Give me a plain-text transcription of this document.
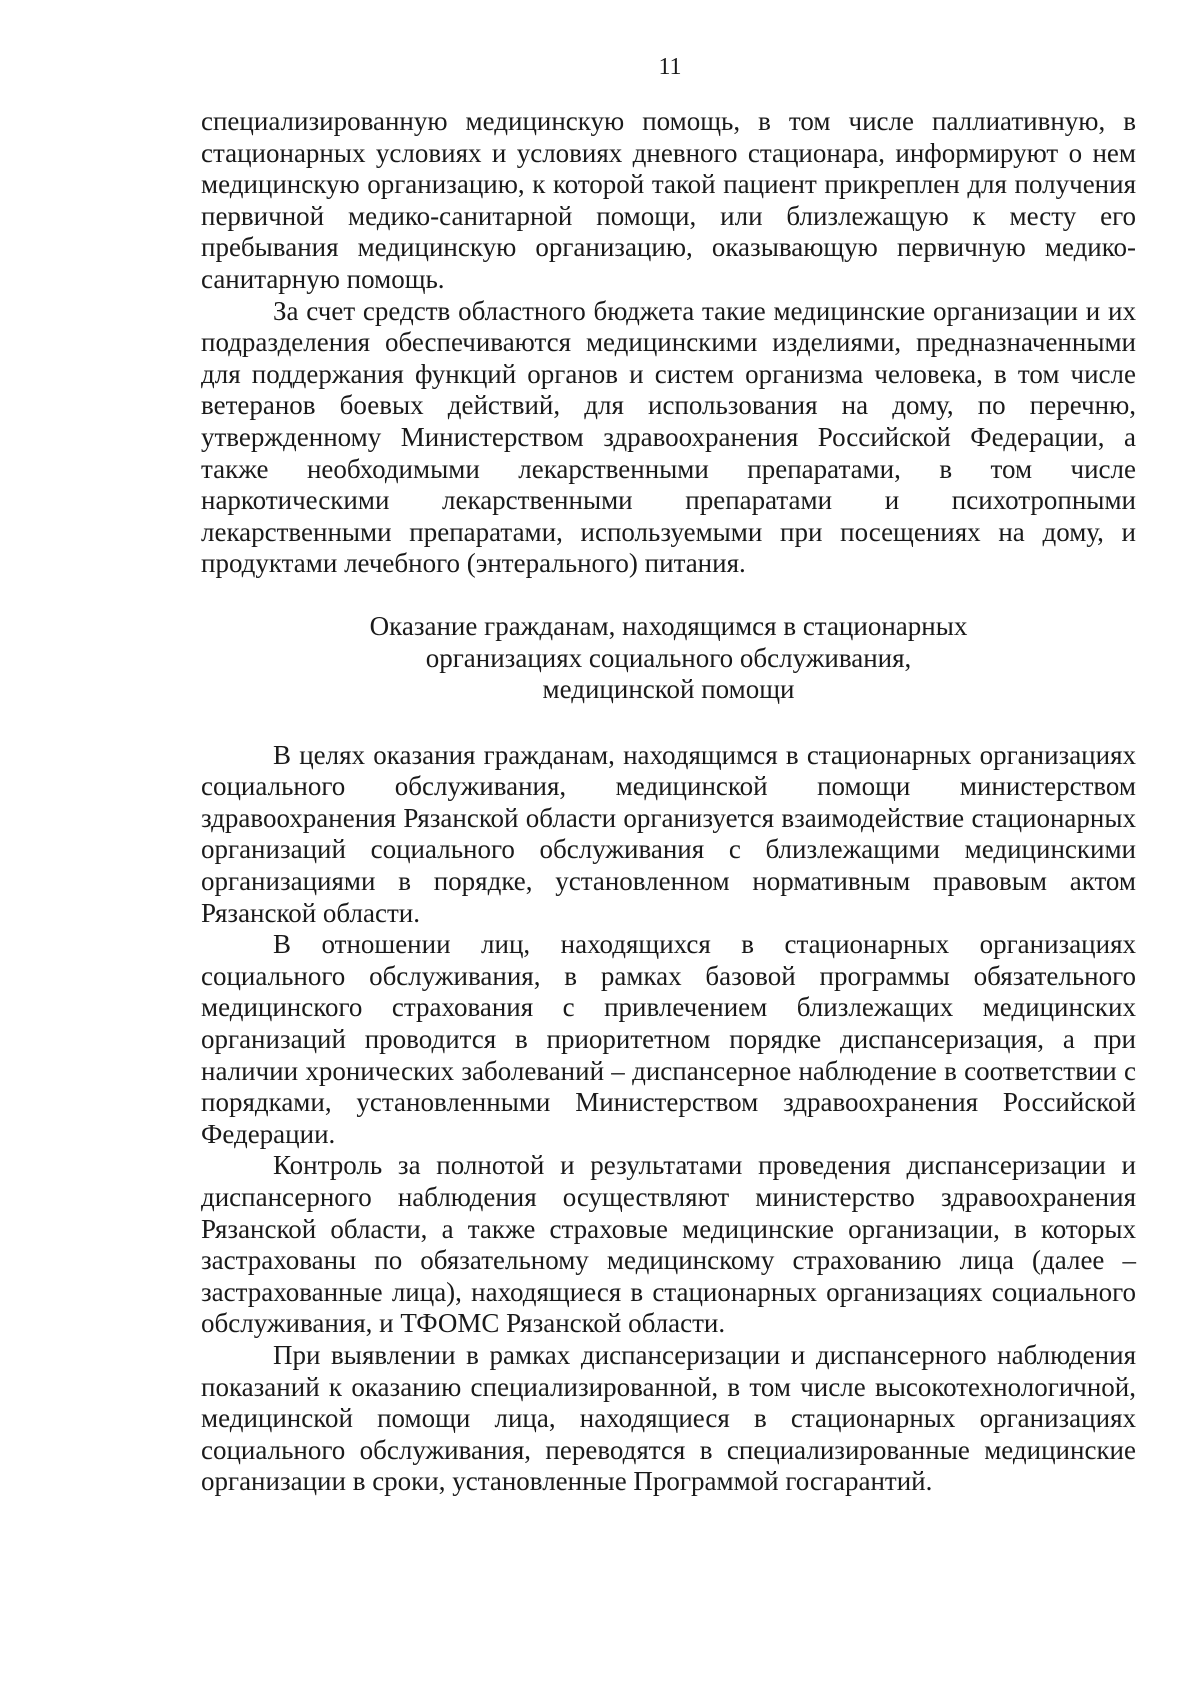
11

специализированную медицинскую помощь, в том числе паллиативную, в стационарных условиях и условиях дневного стационара, информируют о нем медицинскую организацию, к которой такой пациент прикреплен для получения первичной медико-санитарной помощи, или близлежащую к месту его пребывания медицинскую организацию, оказывающую первичную медико-санитарную помощь.

За счет средств областного бюджета такие медицинские организации и их подразделения обеспечиваются медицинскими изделиями, предназначенными для поддержания функций органов и систем организма человека, в том числе ветеранов боевых действий, для использования на дому, по перечню, утвержденному Министерством здравоохранения Российской Федерации, а также необходимыми лекарственными препаратами, в том числе наркотическими лекарственными препаратами и психотропными лекарственными препаратами, используемыми при посещениях на дому, и продуктами лечебного (энтерального) питания.

Оказание гражданам, находящимся в стационарных
организациях социального обслуживания,
медицинской помощи

В целях оказания гражданам, находящимся в стационарных организациях социального обслуживания, медицинской помощи министерством здравоохранения Рязанской области организуется взаимодействие стационарных организаций социального обслуживания с близлежащими медицинскими организациями в порядке, установленном нормативным правовым актом Рязанской области.

В отношении лиц, находящихся в стационарных организациях социального обслуживания, в рамках базовой программы обязательного медицинского страхования с привлечением близлежащих медицинских организаций проводится в приоритетном порядке диспансеризация, а при наличии хронических заболеваний – диспансерное наблюдение в соответствии с порядками, установленными Министерством здравоохранения Российской Федерации.

Контроль за полнотой и результатами проведения диспансеризации и диспансерного наблюдения осуществляют министерство здравоохранения Рязанской области, а также страховые медицинские организации, в которых застрахованы по обязательному медицинскому страхованию лица (далее – застрахованные лица), находящиеся в стационарных организациях социального обслуживания, и ТФОМС Рязанской области.

При выявлении в рамках диспансеризации и диспансерного наблюдения показаний к оказанию специализированной, в том числе высокотехнологичной, медицинской помощи лица, находящиеся в стационарных организациях социального обслуживания, переводятся в специализированные медицинские организации в сроки, установленные Программой госгарантий.
